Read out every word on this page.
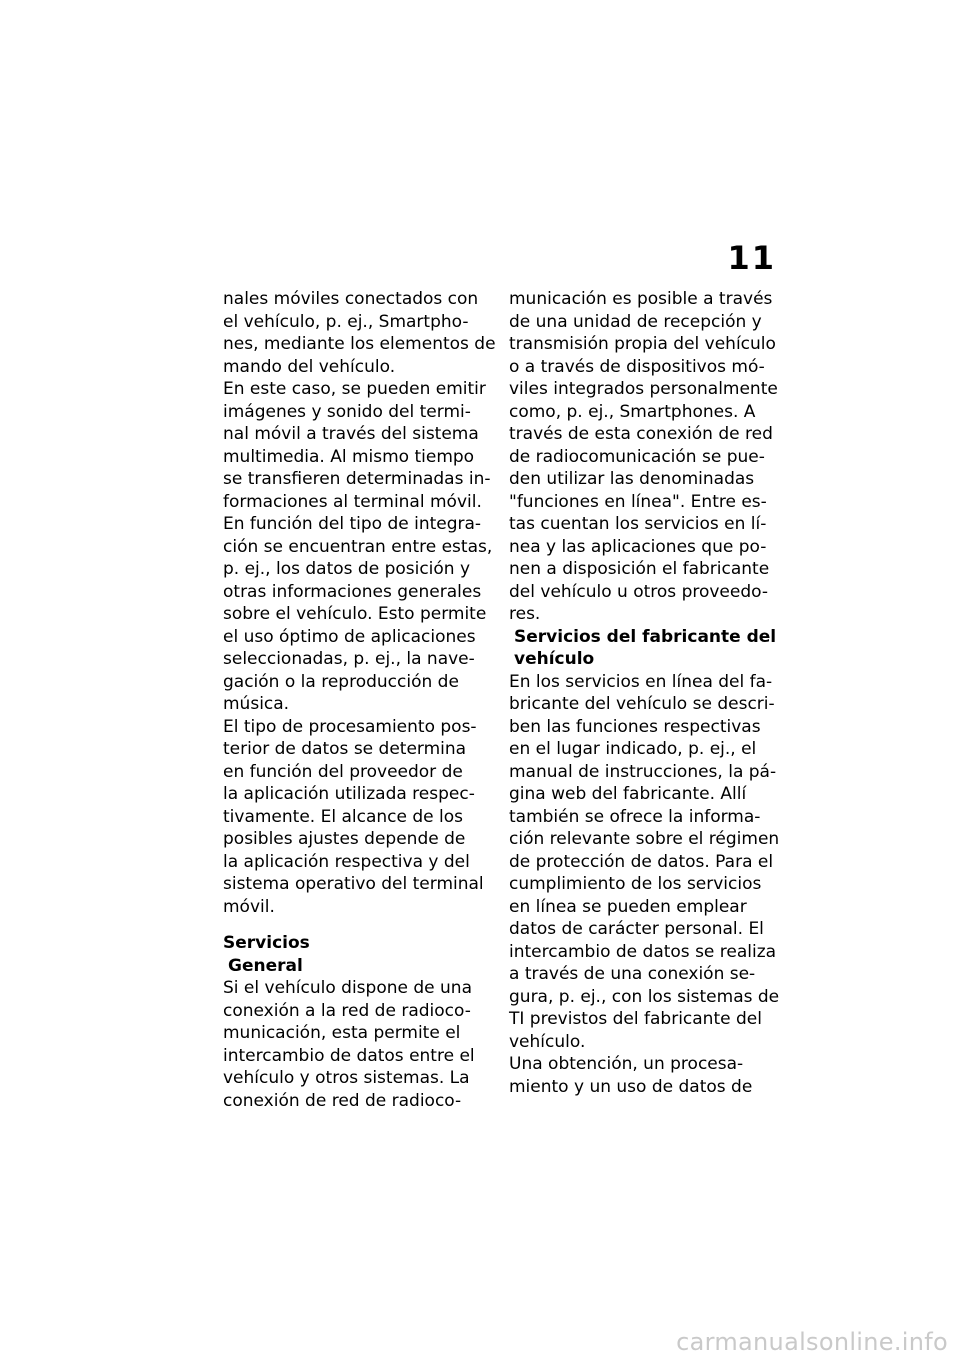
11

nales móviles conectados con
el vehículo, p. ej., Smartpho-
nes, mediante los elementos de
mando del vehículo.

En este caso, se pueden emitir
imágenes y sonido del termi-
nal móvil a través del sistema
multimedia. Al mismo tiempo
se transfieren determinadas in-
formaciones al terminal móvil.

En función del tipo de integra-
ción se encuentran entre estas,
p. ej., los datos de posición y
otras informaciones generales
sobre el vehículo. Esto permite
el uso óptimo de aplicaciones
seleccionadas, p. ej., la nave-
gación o la reproducción de
música.

El tipo de procesamiento pos-
terior de datos se determina
en función del proveedor de
la aplicación utilizada respec-
tivamente. El alcance de los
posibles ajustes depende de
la aplicación respectiva y del
sistema operativo del terminal
móvil.

Servicios
General

Si el vehículo dispone de una
conexión a la red de radioco-
municación, esta permite el
intercambio de datos entre el
vehículo y otros sistemas. La
conexión de red de radioco-

municación es posible a través
de una unidad de recepción y
transmisión propia del vehículo
o a través de dispositivos mó-
viles integrados personalmente
como, p. ej., Smartphones. A
través de esta conexión de red
de radiocomunicación se pue-
den utilizar las denominadas
"funciones en línea". Entre es-
tas cuentan los servicios en lí-
nea y las aplicaciones que po-
nen a disposición el fabricante
del vehículo u otros proveedo-
res.

Servicios del fabricante del
vehículo

En los servicios en línea del fa-
bricante del vehículo se descri-
ben las funciones respectivas
en el lugar indicado, p. ej., el
manual de instrucciones, la pá-
gina web del fabricante. Allí
también se ofrece la informa-
ción relevante sobre el régimen
de protección de datos. Para el
cumplimiento de los servicios
en línea se pueden emplear
datos de carácter personal. El
intercambio de datos se realiza
a través de una conexión se-
gura, p. ej., con los sistemas de
TI previstos del fabricante del
vehículo.

Una obtención, un procesa-
miento y un uso de datos de

carmanualsonline.info
